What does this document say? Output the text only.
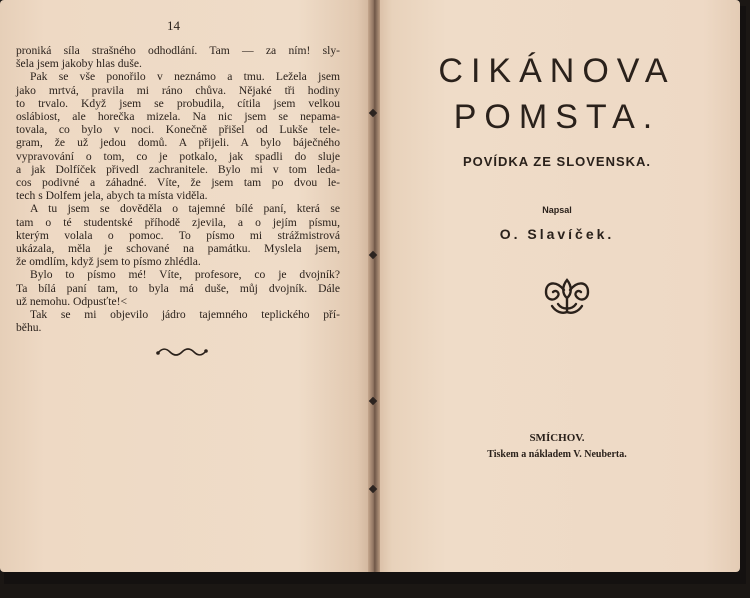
14
proniká síla strašného odhodlání. Tam — za ním! sly-
šela jsem jakoby hlas duše.
Pak se vše ponořilo v neznámo a tmu. Ležela jsem
jako mrtvá, pravila mi ráno chůva. Nějaké tři hodiny
to trvalo. Když jsem se probudila, cítila jsem velkou
oslábiost, ale horečka mizela. Na nic jsem se nepama-
tovala, co bylo v noci. Konečně přišel od Lukše tele-
gram, že už jedou domů. A přijeli. A bylo báječného
vypravování o tom, co je potkalo, jak spadli do sluje
a jak Dolfíček přivedl zachranitele. Bylo mi v tom leda-
cos podivné a záhadné. Víte, že jsem tam po dvou le-
tech s Dolfem jela, abych ta místa viděla.
A tu jsem se dověděla o tajemné bílé paní, která se
tam o té studentské příhodě zjevila, a o jejím písmu,
kterým volala o pomoc. To písmo mi strážmistrová
ukázala, měla je schované na památku. Myslela jsem,
že omdlím, když jsem to písmo zhlédla.
Bylo to písmo mé! Víte, profesore, co je dvojník?
Ta bílá paní tam, to byla má duše, můj dvojník. Dále
už nemohu. Odpusťte!<
Tak se mi objevilo jádro tajemného teplického pří-
běhu.
CIKÁNOVA
POMSTA.
POVÍDKA ZE SLOVENSKA.
Napsal
O. Slavíček.
SMÍCHOV.
Tiskem a nákladem V. Neuberta.
